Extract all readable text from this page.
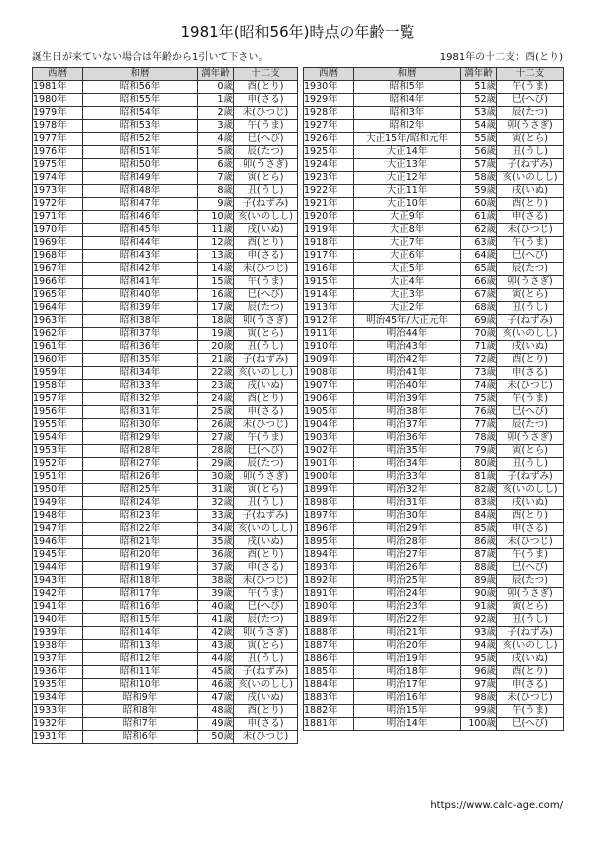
1981年(昭和56年)時点の年齢一覧
誕生日が来ていない場合は年齢から1引いて下さい。	1981年の十二支：酉(とり)
西暦	和暦	満年齢	十二支
1981年	昭和56年	0歳	酉(とり)
1980年	昭和55年	1歳	申(さる)
1979年	昭和54年	2歳	未(ひつじ)
1978年	昭和53年	3歳	午(うま)
1977年	昭和52年	4歳	巳(へび)
1976年	昭和51年	5歳	辰(たつ)
1975年	昭和50年	6歳	卯(うさぎ)
1974年	昭和49年	7歳	寅(とら)
1973年	昭和48年	8歳	丑(うし)
1972年	昭和47年	9歳	子(ねずみ)
1971年	昭和46年	10歳	亥(いのしし)
1970年	昭和45年	11歳	戌(いぬ)
1969年	昭和44年	12歳	酉(とり)
1968年	昭和43年	13歳	申(さる)
1967年	昭和42年	14歳	未(ひつじ)
1966年	昭和41年	15歳	午(うま)
1965年	昭和40年	16歳	巳(へび)
1964年	昭和39年	17歳	辰(たつ)
1963年	昭和38年	18歳	卯(うさぎ)
1962年	昭和37年	19歳	寅(とら)
1961年	昭和36年	20歳	丑(うし)
1960年	昭和35年	21歳	子(ねずみ)
1959年	昭和34年	22歳	亥(いのしし)
1958年	昭和33年	23歳	戌(いぬ)
1957年	昭和32年	24歳	酉(とり)
1956年	昭和31年	25歳	申(さる)
1955年	昭和30年	26歳	未(ひつじ)
1954年	昭和29年	27歳	午(うま)
1953年	昭和28年	28歳	巳(へび)
1952年	昭和27年	29歳	辰(たつ)
1951年	昭和26年	30歳	卯(うさぎ)
1950年	昭和25年	31歳	寅(とら)
1949年	昭和24年	32歳	丑(うし)
1948年	昭和23年	33歳	子(ねずみ)
1947年	昭和22年	34歳	亥(いのしし)
1946年	昭和21年	35歳	戌(いぬ)
1945年	昭和20年	36歳	酉(とり)
1944年	昭和19年	37歳	申(さる)
1943年	昭和18年	38歳	未(ひつじ)
1942年	昭和17年	39歳	午(うま)
1941年	昭和16年	40歳	巳(へび)
1940年	昭和15年	41歳	辰(たつ)
1939年	昭和14年	42歳	卯(うさぎ)
1938年	昭和13年	43歳	寅(とら)
1937年	昭和12年	44歳	丑(うし)
1936年	昭和11年	45歳	子(ねずみ)
1935年	昭和10年	46歳	亥(いのしし)
1934年	昭和9年	47歳	戌(いぬ)
1933年	昭和8年	48歳	酉(とり)
1932年	昭和7年	49歳	申(さる)
1931年	昭和6年	50歳	未(ひつじ)
西暦	和暦	満年齢	十二支
1930年	昭和5年	51歳	午(うま)
1929年	昭和4年	52歳	巳(へび)
1928年	昭和3年	53歳	辰(たつ)
1927年	昭和2年	54歳	卯(うさぎ)
1926年	大正15年/昭和元年	55歳	寅(とら)
1925年	大正14年	56歳	丑(うし)
1924年	大正13年	57歳	子(ねずみ)
1923年	大正12年	58歳	亥(いのしし)
1922年	大正11年	59歳	戌(いぬ)
1921年	大正10年	60歳	酉(とり)
1920年	大正9年	61歳	申(さる)
1919年	大正8年	62歳	未(ひつじ)
1918年	大正7年	63歳	午(うま)
1917年	大正6年	64歳	巳(へび)
1916年	大正5年	65歳	辰(たつ)
1915年	大正4年	66歳	卯(うさぎ)
1914年	大正3年	67歳	寅(とら)
1913年	大正2年	68歳	丑(うし)
1912年	明治45年/大正元年	69歳	子(ねずみ)
1911年	明治44年	70歳	亥(いのしし)
1910年	明治43年	71歳	戌(いぬ)
1909年	明治42年	72歳	酉(とり)
1908年	明治41年	73歳	申(さる)
1907年	明治40年	74歳	未(ひつじ)
1906年	明治39年	75歳	午(うま)
1905年	明治38年	76歳	巳(へび)
1904年	明治37年	77歳	辰(たつ)
1903年	明治36年	78歳	卯(うさぎ)
1902年	明治35年	79歳	寅(とら)
1901年	明治34年	80歳	丑(うし)
1900年	明治33年	81歳	子(ねずみ)
1899年	明治32年	82歳	亥(いのしし)
1898年	明治31年	83歳	戌(いぬ)
1897年	明治30年	84歳	酉(とり)
1896年	明治29年	85歳	申(さる)
1895年	明治28年	86歳	未(ひつじ)
1894年	明治27年	87歳	午(うま)
1893年	明治26年	88歳	巳(へび)
1892年	明治25年	89歳	辰(たつ)
1891年	明治24年	90歳	卯(うさぎ)
1890年	明治23年	91歳	寅(とら)
1889年	明治22年	92歳	丑(うし)
1888年	明治21年	93歳	子(ねずみ)
1887年	明治20年	94歳	亥(いのしし)
1886年	明治19年	95歳	戌(いぬ)
1885年	明治18年	96歳	酉(とり)
1884年	明治17年	97歳	申(さる)
1883年	明治16年	98歳	未(ひつじ)
1882年	明治15年	99歳	午(うま)
1881年	明治14年	100歳	巳(へび)
https://www.calc-age.com/
